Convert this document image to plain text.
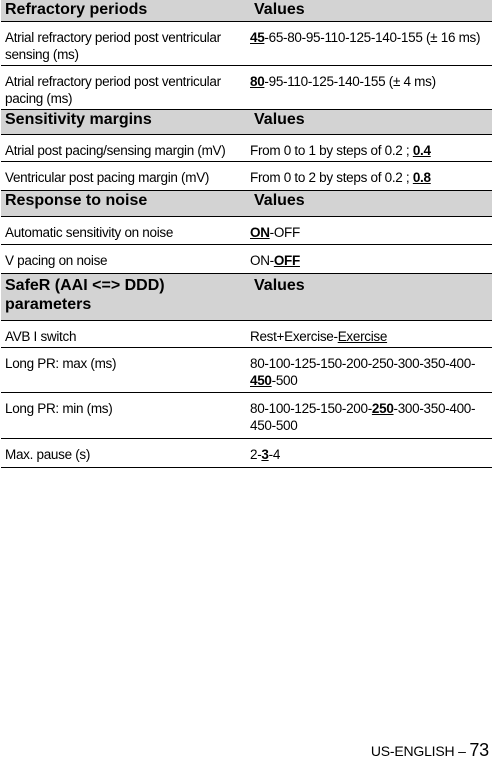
Refractory periods	Values
Atrial refractory period post ventricular sensing (ms)	45-65-80-95-110-125-140-155 (± 16 ms)
Atrial refractory period post ventricular pacing (ms)	80-95-110-125-140-155 (± 4 ms)
Sensitivity margins	Values
Atrial post pacing/sensing margin (mV)	From 0 to 1 by steps of 0.2 ; 0.4
Ventricular post pacing margin (mV)	From 0 to 2 by steps of 0.2 ; 0.8
Response to noise	Values
Automatic sensitivity on noise	ON-OFF
V pacing on noise	ON-OFF
SafeR (AAI <=> DDD) parameters	Values
AVB I switch	Rest+Exercise-Exercise
Long PR: max (ms)	80-100-125-150-200-250-300-350-400-450-500
Long PR: min (ms)	80-100-125-150-200-250-300-350-400-450-500
Max. pause (s)	2-3-4
US-ENGLISH – 73
